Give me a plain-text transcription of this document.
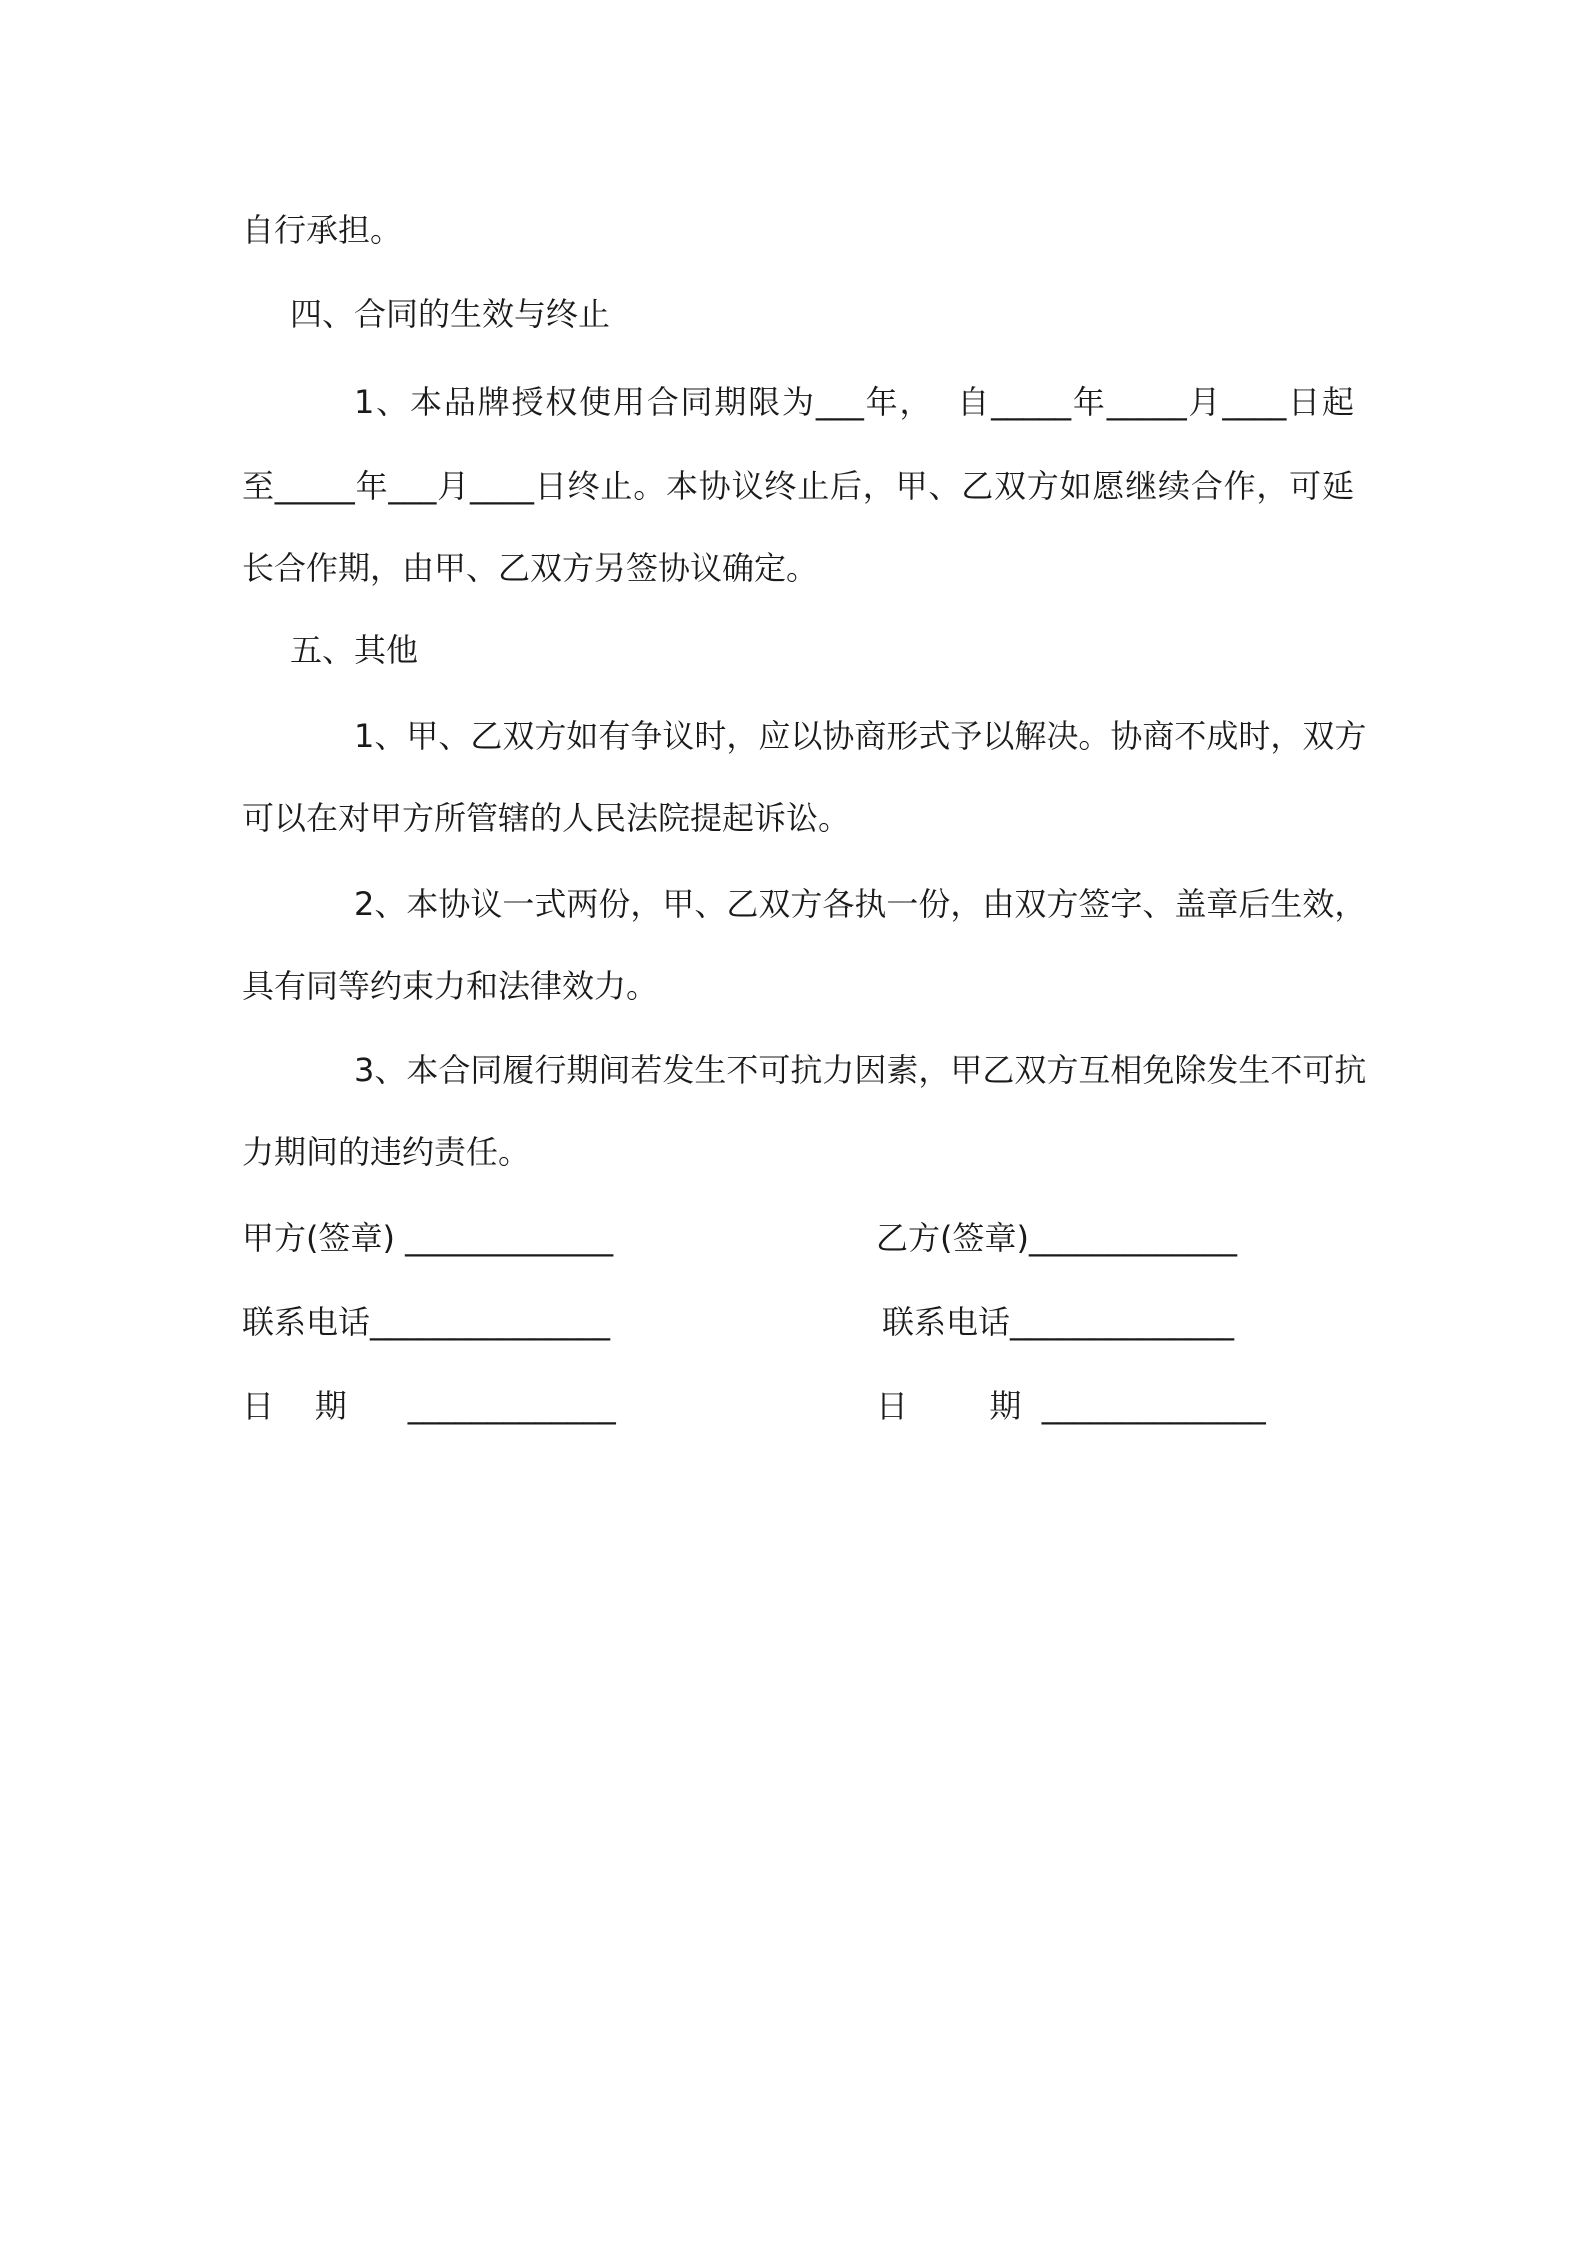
自行承担。
四、合同的生效与终止
1、本品牌授权使用合同期限为___年，  自_____年_____月____日起
至_____年___月____日终止。本协议终止后，甲、乙双方如愿继续合作，可延
长合作期，由甲、乙双方另签协议确定。
五、其他
1、甲、乙双方如有争议时，应以协商形式予以解决。协商不成时，双方
可以在对甲方所管辖的人民法院提起诉讼。
2、本协议一式两份，甲、乙双方各执一份，由双方签字、盖章后生效，
具有同等约束力和法律效力。
3、本合同履行期间若发生不可抗力因素，甲乙双方互相免除发生不可抗
力期间的违约责任。
甲方(签章) _____________	乙方(签章)_____________
联系电话_______________	联系电话______________
日    期      _____________	日        期  ______________
